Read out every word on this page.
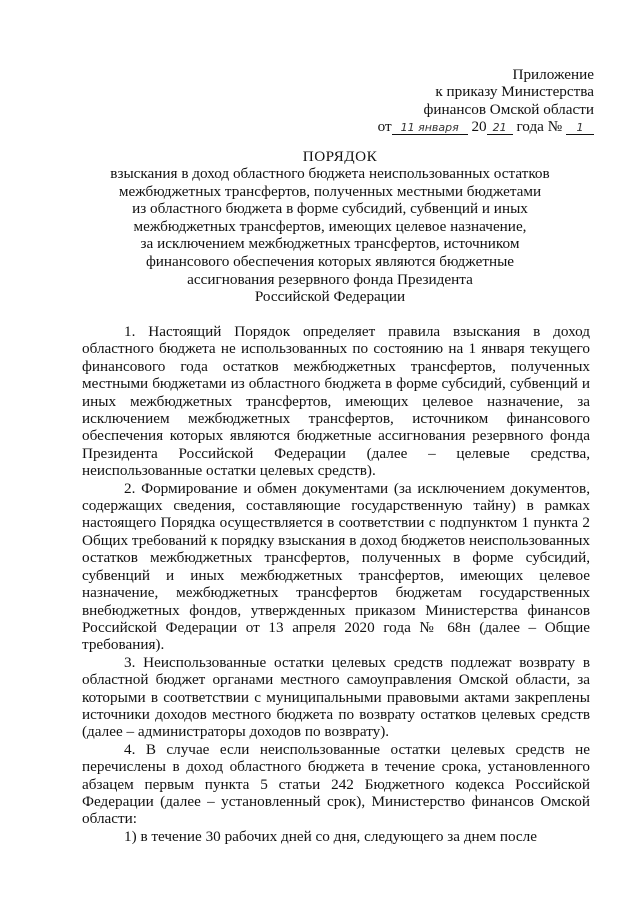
Приложение
к приказу Министерства
финансов Омской области
от 11 января 20 21 года № 1
ПОРЯДОК
взыскания в доход областного бюджета неиспользованных остатков
межбюджетных трансфертов, полученных местными бюджетами
из областного бюджета в форме субсидий, субвенций и иных
межбюджетных трансфертов, имеющих целевое назначение,
за исключением межбюджетных трансфертов, источником
финансового обеспечения которых являются бюджетные
ассигнования резервного фонда Президента
Российской Федерации

1. Настоящий Порядок определяет правила взыскания в доход областного бюджета не использованных по состоянию на 1 января текущего финансового года остатков межбюджетных трансфертов, полученных местными бюджетами из областного бюджета в форме субсидий, субвенций и иных межбюджетных трансфертов, имеющих целевое назначение, за исключением межбюджетных трансфертов, источником финансового обеспечения которых являются бюджетные ассигнования резервного фонда Президента Российской Федерации (далее – целевые средства, неиспользованные остатки целевых средств).

2. Формирование и обмен документами (за исключением документов, содержащих сведения, составляющие государственную тайну) в рамках настоящего Порядка осуществляется в соответствии с подпунктом 1 пункта 2 Общих требований к порядку взыскания в доход бюджетов неиспользованных остатков межбюджетных трансфертов, полученных в форме субсидий, субвенций и иных межбюджетных трансфертов, имеющих целевое назначение, межбюджетных трансфертов бюджетам государственных внебюджетных фондов, утвержденных приказом Министерства финансов Российской Федерации от 13 апреля 2020 года № 68н (далее – Общие требования).

3. Неиспользованные остатки целевых средств подлежат возврату в областной бюджет органами местного самоуправления Омской области, за которыми в соответствии с муниципальными правовыми актами закреплены источники доходов местного бюджета по возврату остатков целевых средств (далее – администраторы доходов по возврату).

4. В случае если неиспользованные остатки целевых средств не перечислены в доход областного бюджета в течение срока, установленного абзацем первым пункта 5 статьи 242 Бюджетного кодекса Российской Федерации (далее – установленный срок), Министерство финансов Омской области:

1) в течение 30 рабочих дней со дня, следующего за днем после
